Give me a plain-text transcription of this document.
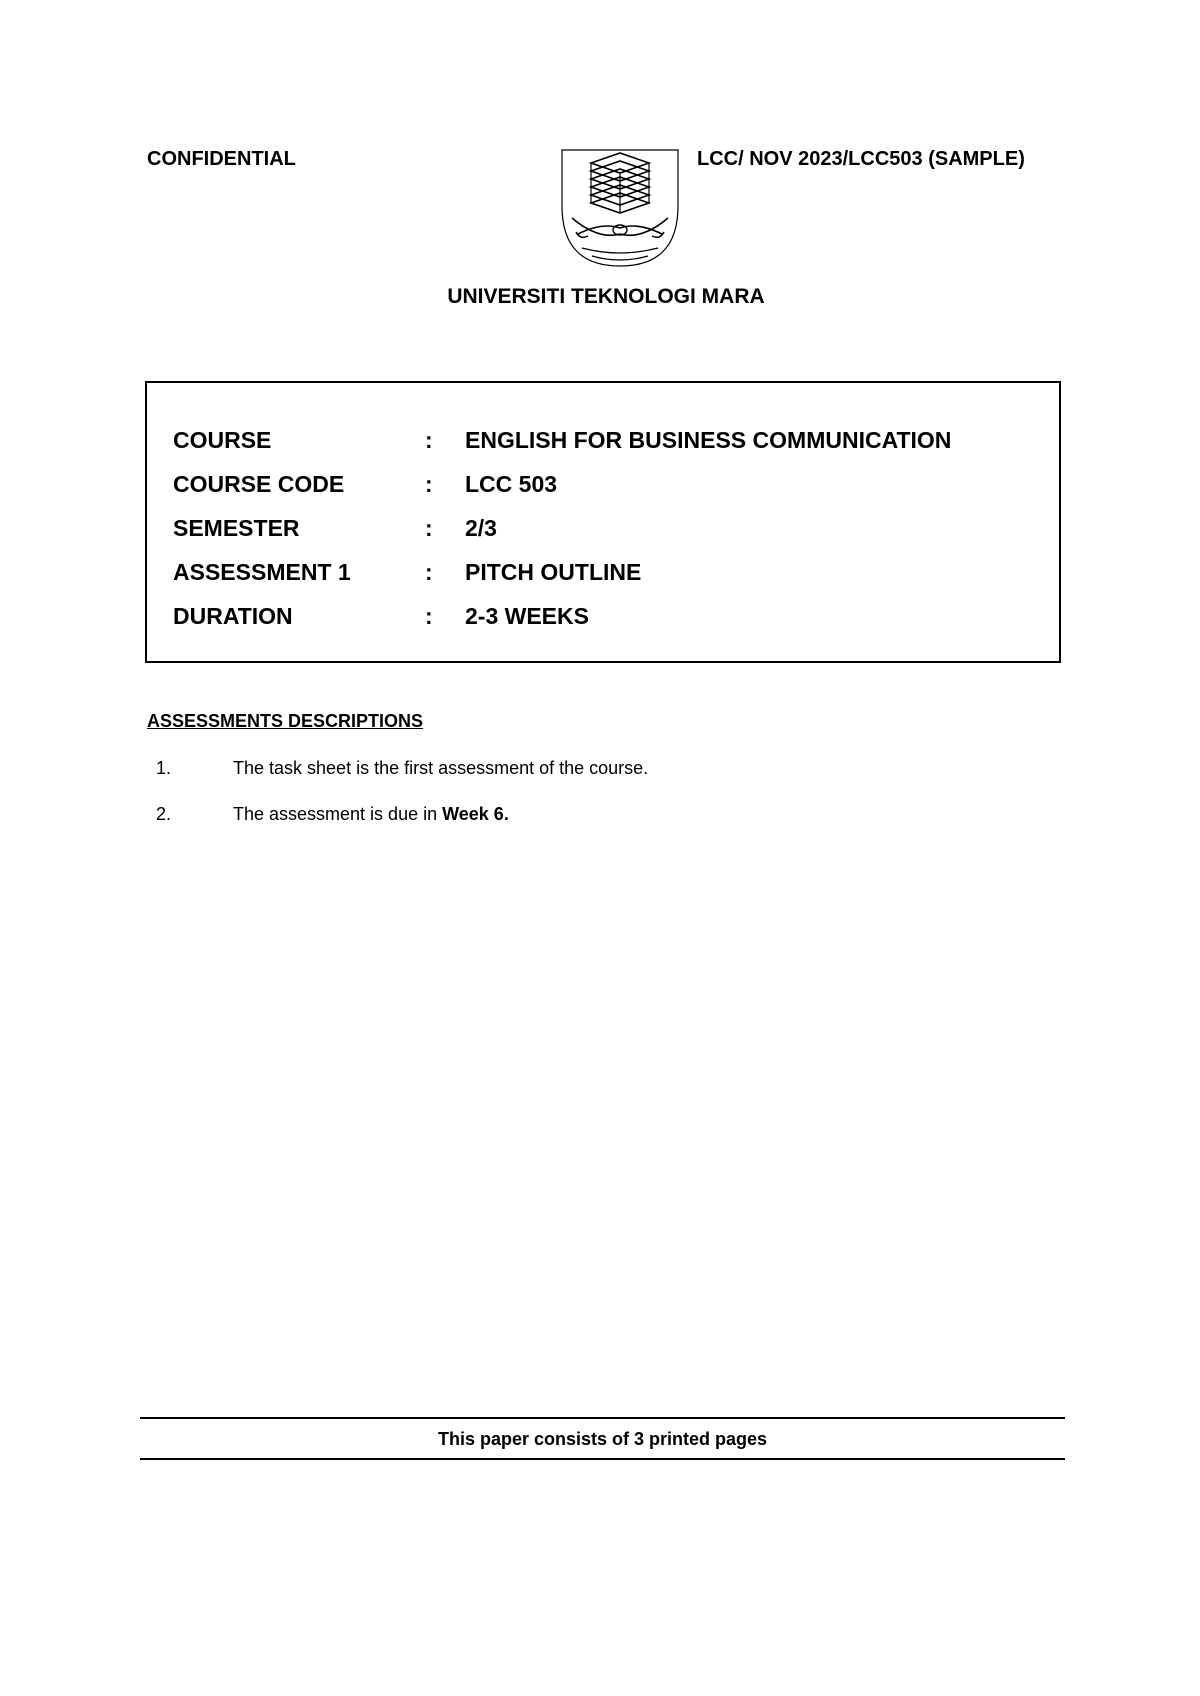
CONFIDENTIAL	LCC/ NOV 2023/LCC503 (SAMPLE)
UNIVERSITI TEKNOLOGI MARA
COURSE	: ENGLISH FOR BUSINESS COMMUNICATION
COURSE CODE	: LCC 503
SEMESTER	: 2/3
ASSESSMENT 1	: PITCH OUTLINE
DURATION	: 2-3 WEEKS
ASSESSMENTS DESCRIPTIONS
1.	The task sheet is the first assessment of the course.
2.	The assessment is due in Week 6.
This paper consists of 3 printed pages
